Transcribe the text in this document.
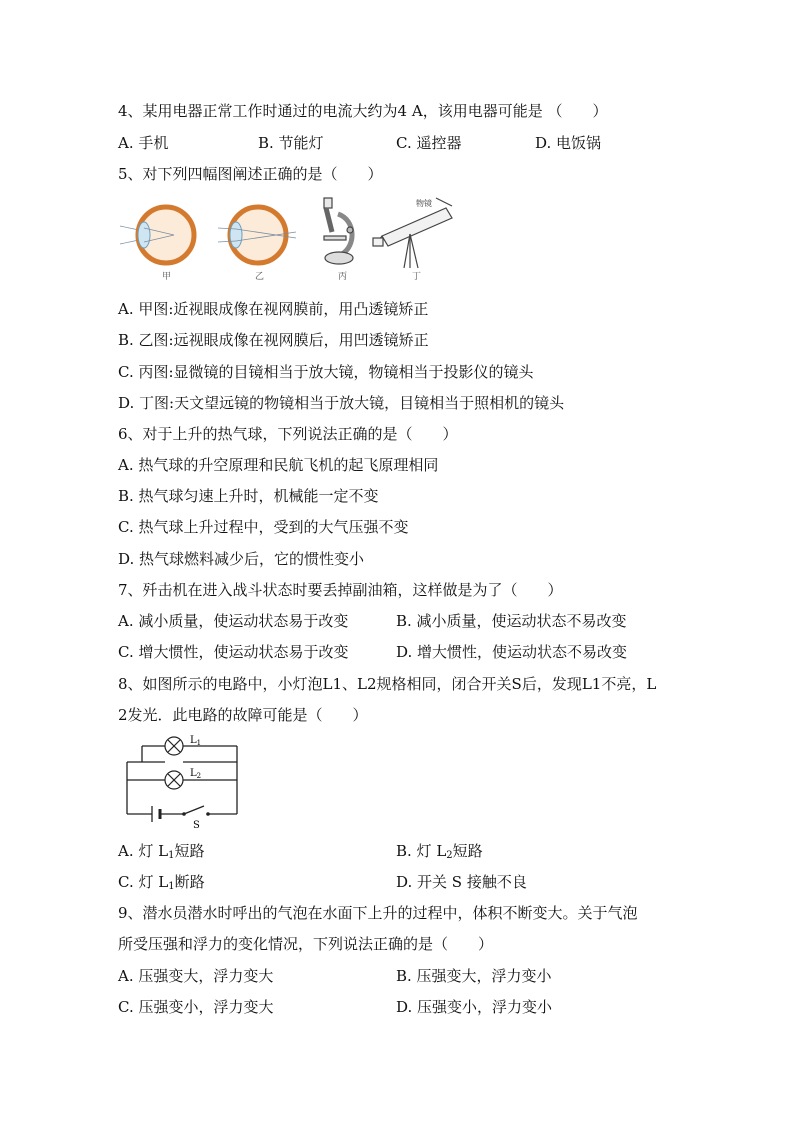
4、某用电器正常工作时通过的电流大约为4 A，该用电器可能是 （　　）
A. 手机	B. 节能灯	C. 遥控器	D. 电饭锅
5、对下列四幅图阐述正确的是（　　）
甲	乙	丙
物镜
丁
A. 甲图:近视眼成像在视网膜前，用凸透镜矫正
B. 乙图:远视眼成像在视网膜后，用凹透镜矫正
C. 丙图:显微镜的目镜相当于放大镜，物镜相当于投影仪的镜头
D. 丁图:天文望远镜的物镜相当于放大镜，目镜相当于照相机的镜头
6、对于上升的热气球，下列说法正确的是（　　）
A. 热气球的升空原理和民航飞机的起飞原理相同
B. 热气球匀速上升时，机械能一定不变
C. 热气球上升过程中，受到的大气压强不变
D. 热气球燃料减少后，它的惯性变小
7、歼击机在进入战斗状态时要丢掉副油箱，这样做是为了（　　）
A. 减小质量，使运动状态易于改变	B. 减小质量，使运动状态不易改变
C. 增大惯性，使运动状态易于改变	D. 增大惯性，使运动状态不易改变
8、如图所示的电路中，小灯泡L1、L2规格相同，闭合开关S后，发现L1不亮，L
2发光．此电路的故障可能是（　　）
$L_1$
$L_2$
S
A. 灯 $L_1$短路	B. 灯 $L_2$短路
C. 灯 $L_1$断路	D. 开关 S 接触不良
9、潜水员潜水时呼出的气泡在水面下上升的过程中，体积不断变大。关于气泡
所受压强和浮力的变化情况，下列说法正确的是（　　）
A. 压强变大，浮力变大	B. 压强变大，浮力变小
C. 压强变小，浮力变大	D. 压强变小，浮力变小
